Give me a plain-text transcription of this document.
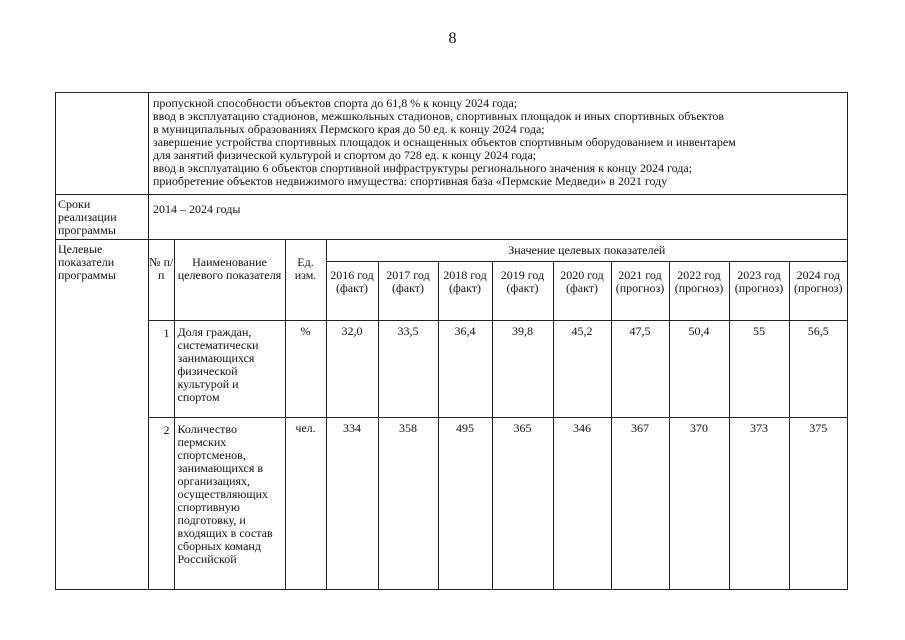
8

пропускной способности объектов спорта до 61,8 % к концу 2024 года;
ввод в эксплуатацию стадионов, межшкольных стадионов, спортивных площадок и иных спортивных объектов
в муниципальных образованиях Пермского края до 50 ед. к концу 2024 года;
завершение устройства спортивных площадок и оснащенных объектов спортивным оборудованием и инвентарем
для занятий физической культурой и спортом до 728 ед. к концу 2024 года;
ввод в эксплуатацию 6 объектов спортивной инфраструктуры регионального значения к концу 2024 года;
приобретение объектов недвижимого имущества: спортивная база «Пермские Медведи» в 2021 году

Сроки реализации программы	2014 – 2024 годы
Целевые показатели программы	
№ п/п	Наименование целевого показателя	Ед. изм.	Значение целевых показателей
2016 год (факт)	2017 год (факт)	2018 год (факт)	2019 год (факт)	2020 год (факт)	2021 год (прогноз)	2022 год (прогноз)	2023 год (прогноз)	2024 год (прогноз)
1	Доля граждан, систематически занимающихся физической культурой и спортом	%	32,0	33,5	36,4	39,8	45,2	47,5	50,4	55	56,5
2	Количество пермских спортсменов, занимающихся в организациях, осуществляющих спортивную подготовку, и входящих в состав сборных команд Российской	чел.	334	358	495	365	346	367	370	373	375
